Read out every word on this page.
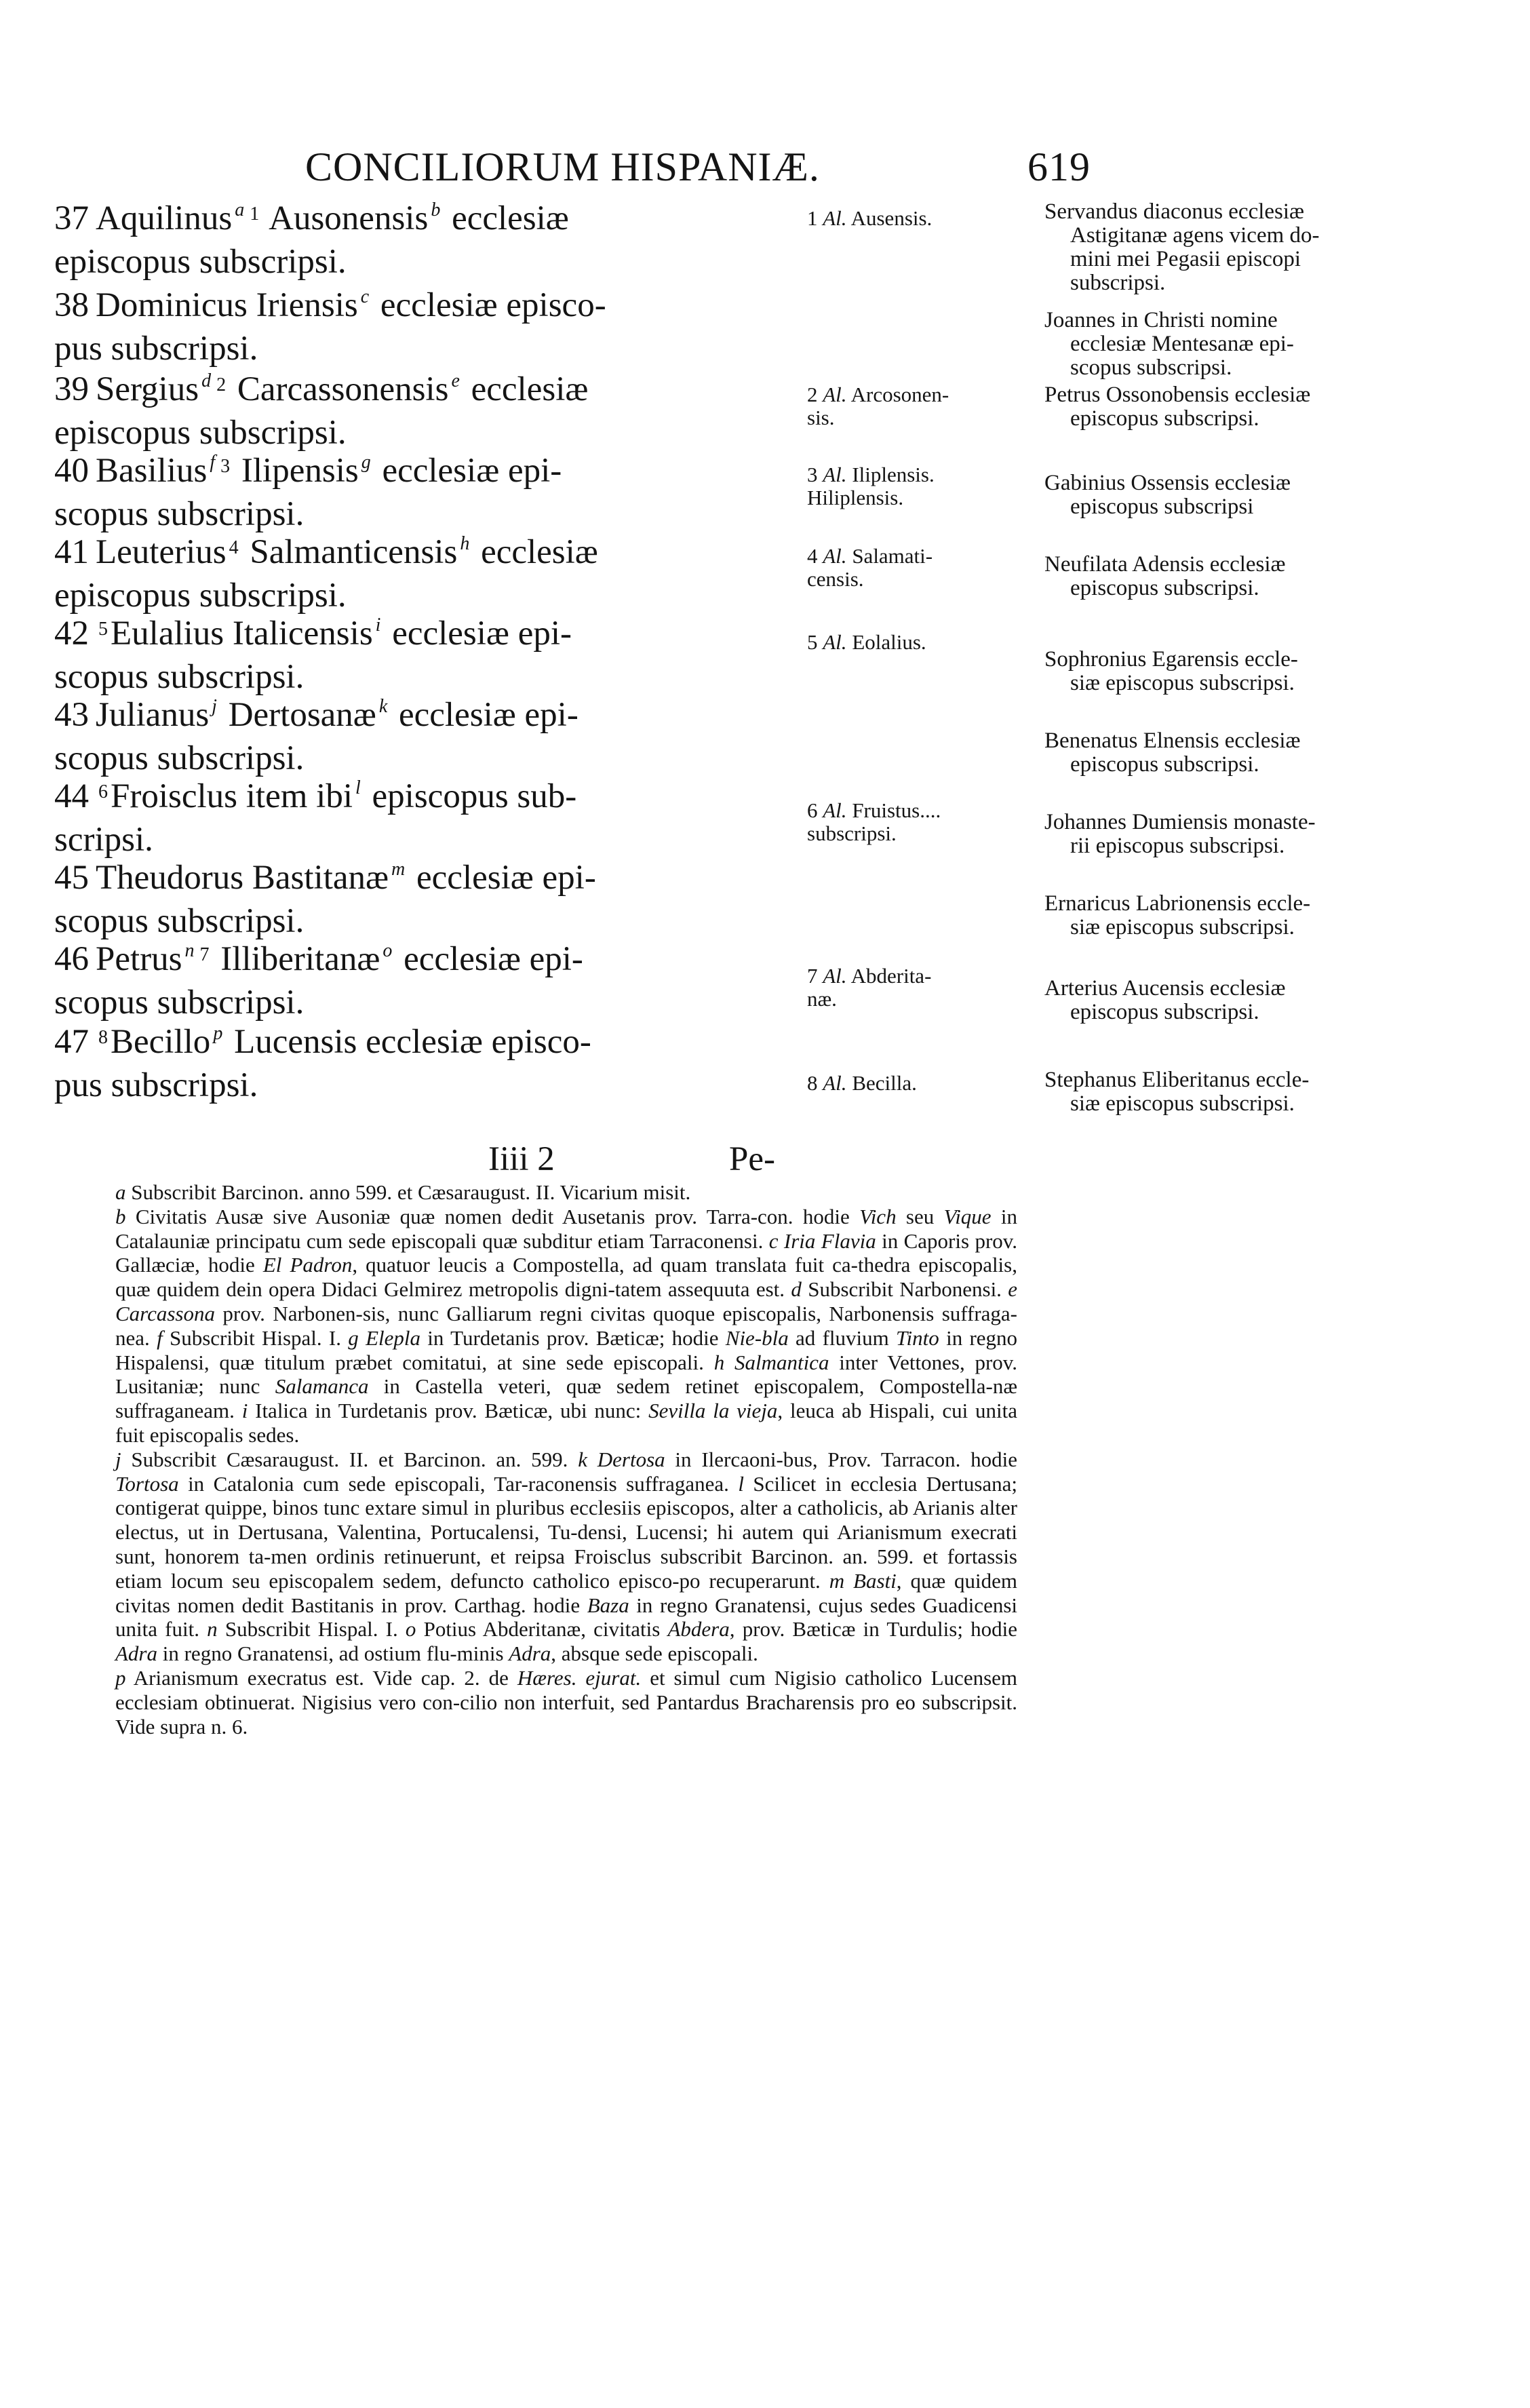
CONCILIORUM HISPANIÆ.	619
37 Aquilinus $^a$ $^1$ Ausonensis $^b$ ecclesiæ
episcopus subscripsi.
38 Dominicus Iriensis $^c$ ecclesiæ episco-
pus subscripsi.
39 Sergius $^d$ $^2$ Carcassonensis $^e$ ecclesiæ
episcopus subscripsi.
40 Basilius $^f$ $^3$ Ilipensis $^g$ ecclesiæ epi-
scopus subscripsi.
41 Leuterius $^4$ Salmanticensis $^h$ ecclesiæ
episcopus subscripsi.
42 $^5$Eulalius Italicensis $^i$ ecclesiæ epi-
scopus subscripsi.
43 Julianus $^j$ Dertosanæ $^k$ ecclesiæ epi-
scopus subscripsi.
44 $^6$Froisclus item ibi $^l$ episcopus sub-
scripsi.
45 Theudorus Bastitanæ $^m$ ecclesiæ epi-
scopus subscripsi.
46 Petrus $^n$ $^7$ Illiberitanæ $^o$ ecclesiæ epi-
scopus subscripsi.
47 $^8$Becillo $^p$ Lucensis ecclesiæ episco-
pus subscripsi.
Iiii 2	Pe-
1 Al. Ausensis.
2 Al. Arcosonen-
sis.
3 Al. Iliplensis.
Hiliplensis.
4 Al. Salamati-
censis.
5 Al. Eolalius.
6 Al. Fruistus....
subscripsi.
7 Al. Abderita-
næ.
8 Al. Becilla.
Servandus diaconus ecclesiæ
Astigitanæ agens vicem do-
mini mei Pegasii episcopi
subscripsi.
Joannes in Christi nomine
ecclesiæ Mentesanæ epi-
scopus subscripsi.
Petrus Ossonobensis ecclesiæ
episcopus subscripsi.
Gabinius Ossensis ecclesiæ
episcopus subscripsi
Neufilata Adensis ecclesiæ
episcopus subscripsi.
Sophronius Egarensis eccle-
siæ episcopus subscripsi.
Benenatus Elnensis ecclesiæ
episcopus subscripsi.
Johannes Dumiensis monaste-
rii episcopus subscripsi.
Ernaricus Labrionensis eccle-
siæ episcopus subscripsi.
Arterius Aucensis ecclesiæ
episcopus subscripsi.
Stephanus Eliberitanus eccle-
siæ episcopus subscripsi.

a Subscribit Barcinon. anno 599. et Cæsaraugust. II. Vicarium misit.

b Civitatis Ausæ sive Ausoniæ quæ nomen dedit Ausetanis prov. Tarra-con. hodie Vich seu Vique in Catalauniæ principatu cum sede episcopali quæ subditur etiam Tarraconensi. c Iria Flavia in Caporis prov. Gallæciæ, hodie El Padron, quatuor leucis a Compostella, ad quam translata fuit ca-thedra episcopalis, quæ quidem dein opera Didaci Gelmirez metropolis digni-tatem assequuta est. d Subscribit Narbonensi. e Carcassona prov. Narbonen-sis, nunc Galliarum regni civitas quoque episcopalis, Narbonensis suffraga-nea. f Subscribit Hispal. I. g Elepla in Turdetanis prov. Bæticæ; hodie Nie-bla ad fluvium Tinto in regno Hispalensi, quæ titulum præbet comitatui, at sine sede episcopali. h Salmantica inter Vettones, prov. Lusitaniæ; nunc Salamanca in Castella veteri, quæ sedem retinet episcopalem, Compostella-næ suffraganeam. i Italica in Turdetanis prov. Bæticæ, ubi nunc: Sevilla la vieja, leuca ab Hispali, cui unita fuit episcopalis sedes.

j Subscribit Cæsaraugust. II. et Barcinon. an. 599. k Dertosa in Ilercaoni-bus, Prov. Tarracon. hodie Tortosa in Catalonia cum sede episcopali, Tar-raconensis suffraganea. l Scilicet in ecclesia Dertusana; contigerat quippe, binos tunc extare simul in pluribus ecclesiis episcopos, alter a catholicis, ab Arianis alter electus, ut in Dertusana, Valentina, Portucalensi, Tu-densi, Lucensi; hi autem qui Arianismum execrati sunt, honorem ta-men ordinis retinuerunt, et reipsa Froisclus subscribit Barcinon. an. 599. et fortassis etiam locum seu episcopalem sedem, defuncto catholico episco-po recuperarunt. m Basti, quæ quidem civitas nomen dedit Bastitanis in prov. Carthag. hodie Baza in regno Granatensi, cujus sedes Guadicensi unita fuit. n Subscribit Hispal. I. o Potius Abderitanæ, civitatis Abdera, prov. Bæticæ in Turdulis; hodie Adra in regno Granatensi, ad ostium flu-minis Adra, absque sede episcopali.

p Arianismum execratus est. Vide cap. 2. de Hæres. ejurat. et simul cum Nigisio catholico Lucensem ecclesiam obtinuerat. Nigisius vero con-cilio non interfuit, sed Pantardus Bracharensis pro eo subscripsit. Vide supra n. 6.
